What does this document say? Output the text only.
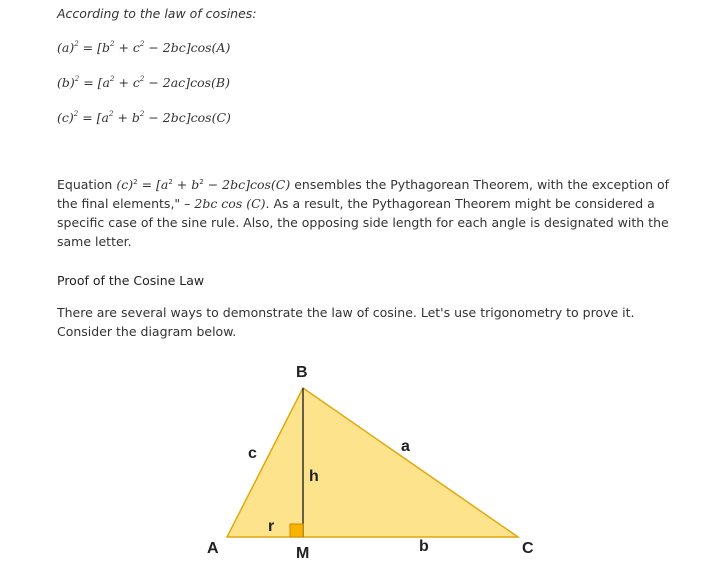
According to the law of cosines:
$(a)^2 = [b^2 + c^2 - 2bc]\cos(A)$
$(b)^2 = [a^2 + c^2 - 2ac]\cos(B)$
$(c)^2 = [a^2 + b^2 - 2bc]\cos(C)$
Equation $(c)^2 = [a^2 + b^2 - 2bc]\cos(C)$ ensembles the Pythagorean Theorem, with the exception of the final elements," – 2bc cos (C). As a result, the Pythagorean Theorem might be considered a specific case of the sine rule. Also, the opposing side length for each angle is designated with the same letter.
Proof of the Cosine Law
There are several ways to demonstrate the law of cosine. Let's use trigonometry to prove it. Consider the diagram below.
B
A	C
M	b
a
c
h
r
